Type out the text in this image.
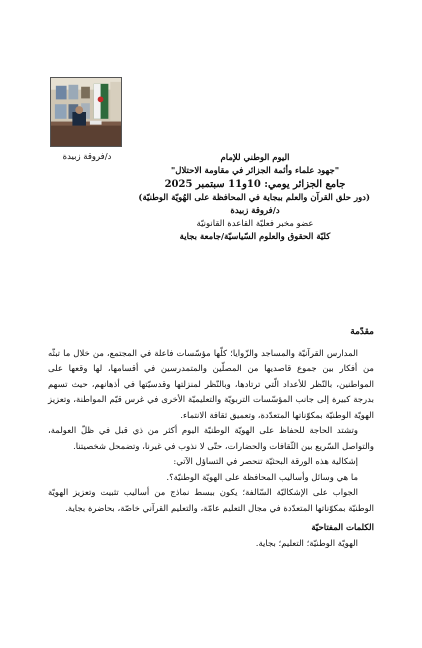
د/فروقة زبيدة	اليوم الوطني للإمام
"جهود علماء وأئمة الجزائر في مقاومة الاحتلال"
جامع الجزائر يومي: 10و11 سبتمبر 2025
(دور حلق القرآن والعلم ببجاية في المحافظة على الهُويّة الوطنيّة)
د/فروقة زبيدة
عضو مخبر فعليّة القاعدة القانونيّة
كليّة الحقوق والعلوم السّياسيّة/جامعة بجاية
مقدّمة

المدارس القرآنيّة والمساجد والزّوايا؛ كلّها مؤسّسات فاعلة في المجتمع، من خلال ما تبثّه من أفكار بين جموع قاصديها من المصلّين والمتمدرسين في أقسامها، لها وقعها على المواطنين، بالنّظر للأعداد الّتي ترتادها، وبالنّظر لمنزلتها وقدسيّتها في أذهانهم، حيث تسهم بدرجة كبيرة إلى جانب المؤسّسات التربويّة والتعليميّة الأخرى في غرس قيّم المواطنة، وتعزيز الهويّة الوطنيّة بمكوّناتها المتعدّدة، وتعميق ثقافة الانتماء.

وتشتد الحاجة للحفاظ على الهويّة الوطنيّة اليوم أكثر من ذي قبل في ظلّ العولمة، والتواصل السّريع بين الثّقافات والحضارات، حتّى لا نذوب في غيرنا، وتضمحل شخصيتنا.

إشكالية هذه الورقة البحثيّة تنحصر في التساؤل الآتي:

ما هي وسائل وأساليب المحافظة على الهويّة الوطنيّة؟.

الجواب على الإشكاليّة السّالفة؛ يكون ببسط نماذج من أساليب تثبيت وتعزيز الهويّة الوطنيّة بمكوّناتها المتعدّدة في مجال التعليم عامّة، والتعليم القرآني خاصّة، بحاضرة بجاية.

الكلمات المفتاحيّة

الهويّة الوطنيّة؛ التعليم؛ بجاية.
